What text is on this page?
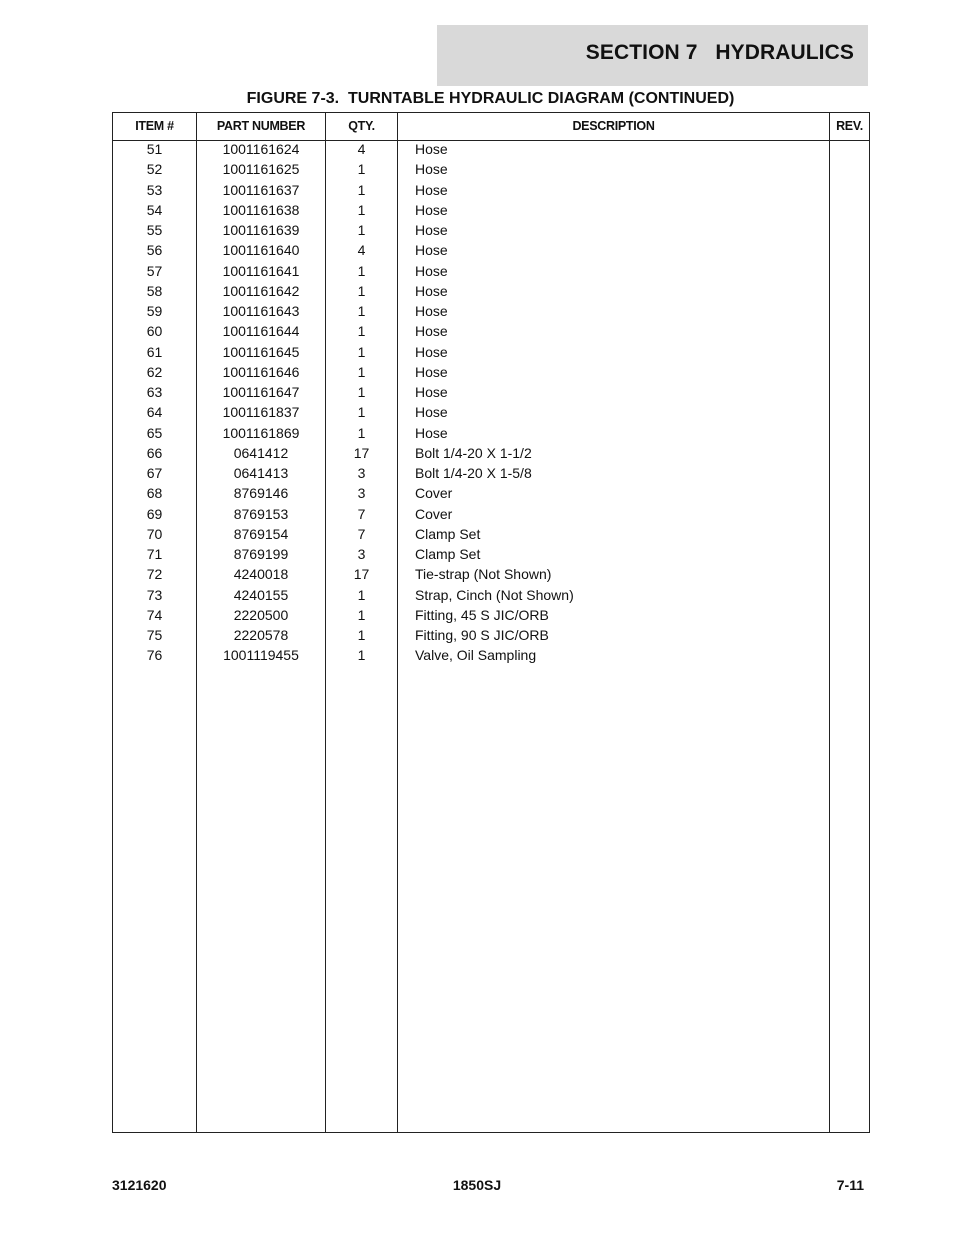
SECTION 7   HYDRAULICS
FIGURE 7-3.  TURNTABLE HYDRAULIC DIAGRAM (CONTINUED)
ITEM #	PART NUMBER	QTY.	DESCRIPTION	REV.
51	1001161624	4	Hose
52	1001161625	1	Hose
53	1001161637	1	Hose
54	1001161638	1	Hose
55	1001161639	1	Hose
56	1001161640	4	Hose
57	1001161641	1	Hose
58	1001161642	1	Hose
59	1001161643	1	Hose
60	1001161644	1	Hose
61	1001161645	1	Hose
62	1001161646	1	Hose
63	1001161647	1	Hose
64	1001161837	1	Hose
65	1001161869	1	Hose
66	0641412	17	Bolt 1/4-20 X 1-1/2
67	0641413	3	Bolt 1/4-20 X 1-5/8
68	8769146	3	Cover
69	8769153	7	Cover
70	8769154	7	Clamp Set
71	8769199	3	Clamp Set
72	4240018	17	Tie-strap (Not Shown)
73	4240155	1	Strap, Cinch (Not Shown)
74	2220500	1	Fitting, 45 S JIC/ORB
75	2220578	1	Fitting, 90 S JIC/ORB
76	1001119455	1	Valve, Oil Sampling
3121620	1850SJ	7-11
